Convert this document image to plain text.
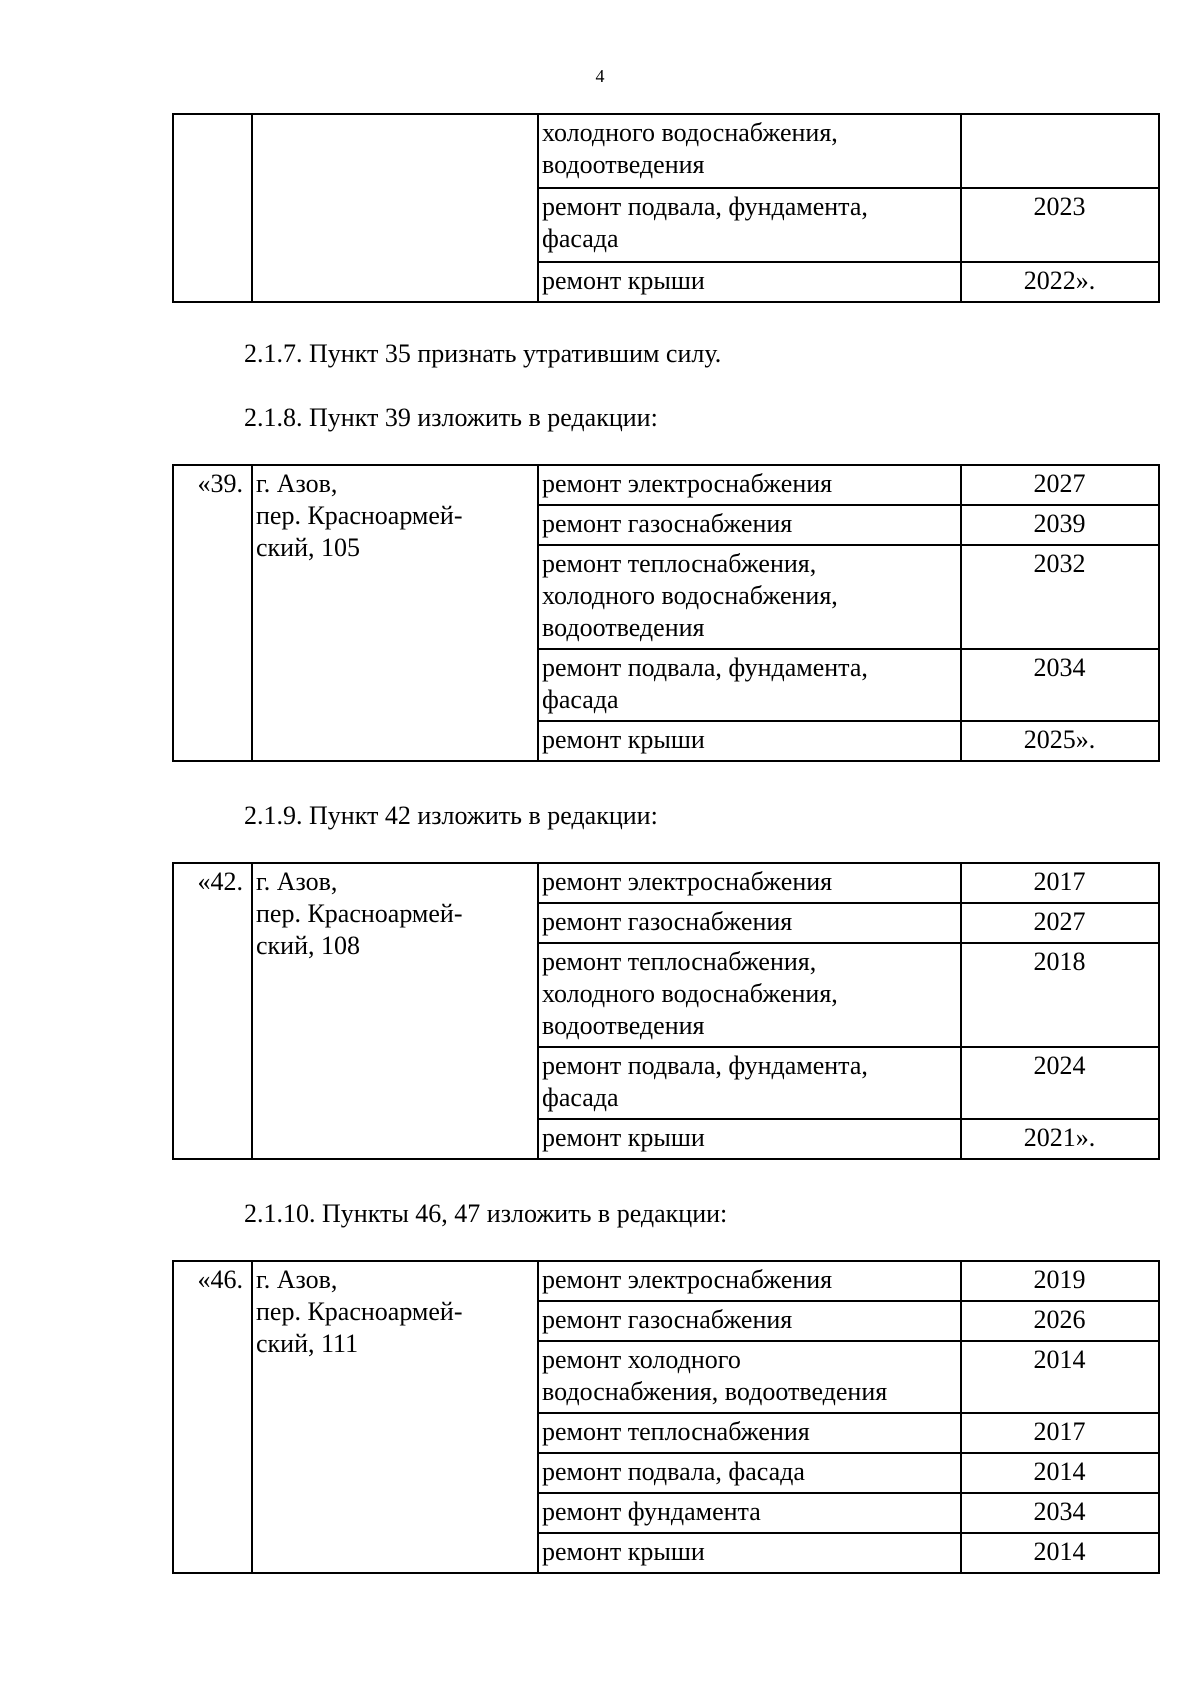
4
		холодного водоснабжения,
водоотведения	
		ремонт подвала, фундамента,
фасада	2023
		ремонт крыши	2022».
2.1.7. Пункт 35 признать утратившим силу.
2.1.8. Пункт 39 изложить в редакции:
«39.	г. Азов,
пер. Красноармей-
ский, 105	ремонт электроснабжения	2027
		ремонт газоснабжения	2039
		ремонт теплоснабжения,
холодного водоснабжения,
водоотведения	2032
		ремонт подвала, фундамента,
фасада	2034
		ремонт крыши	2025».
2.1.9. Пункт 42 изложить в редакции:
«42.	г. Азов,
пер. Красноармей-
ский, 108	ремонт электроснабжения	2017
		ремонт газоснабжения	2027
		ремонт теплоснабжения,
холодного водоснабжения,
водоотведения	2018
		ремонт подвала, фундамента,
фасада	2024
		ремонт крыши	2021».
2.1.10. Пункты 46, 47 изложить в редакции:
«46.	г. Азов,
пер. Красноармей-
ский, 111	ремонт электроснабжения	2019
		ремонт газоснабжения	2026
		ремонт холодного
водоснабжения, водоотведения	2014
		ремонт теплоснабжения	2017
		ремонт подвала, фасада	2014
		ремонт фундамента	2034
		ремонт крыши	2014
